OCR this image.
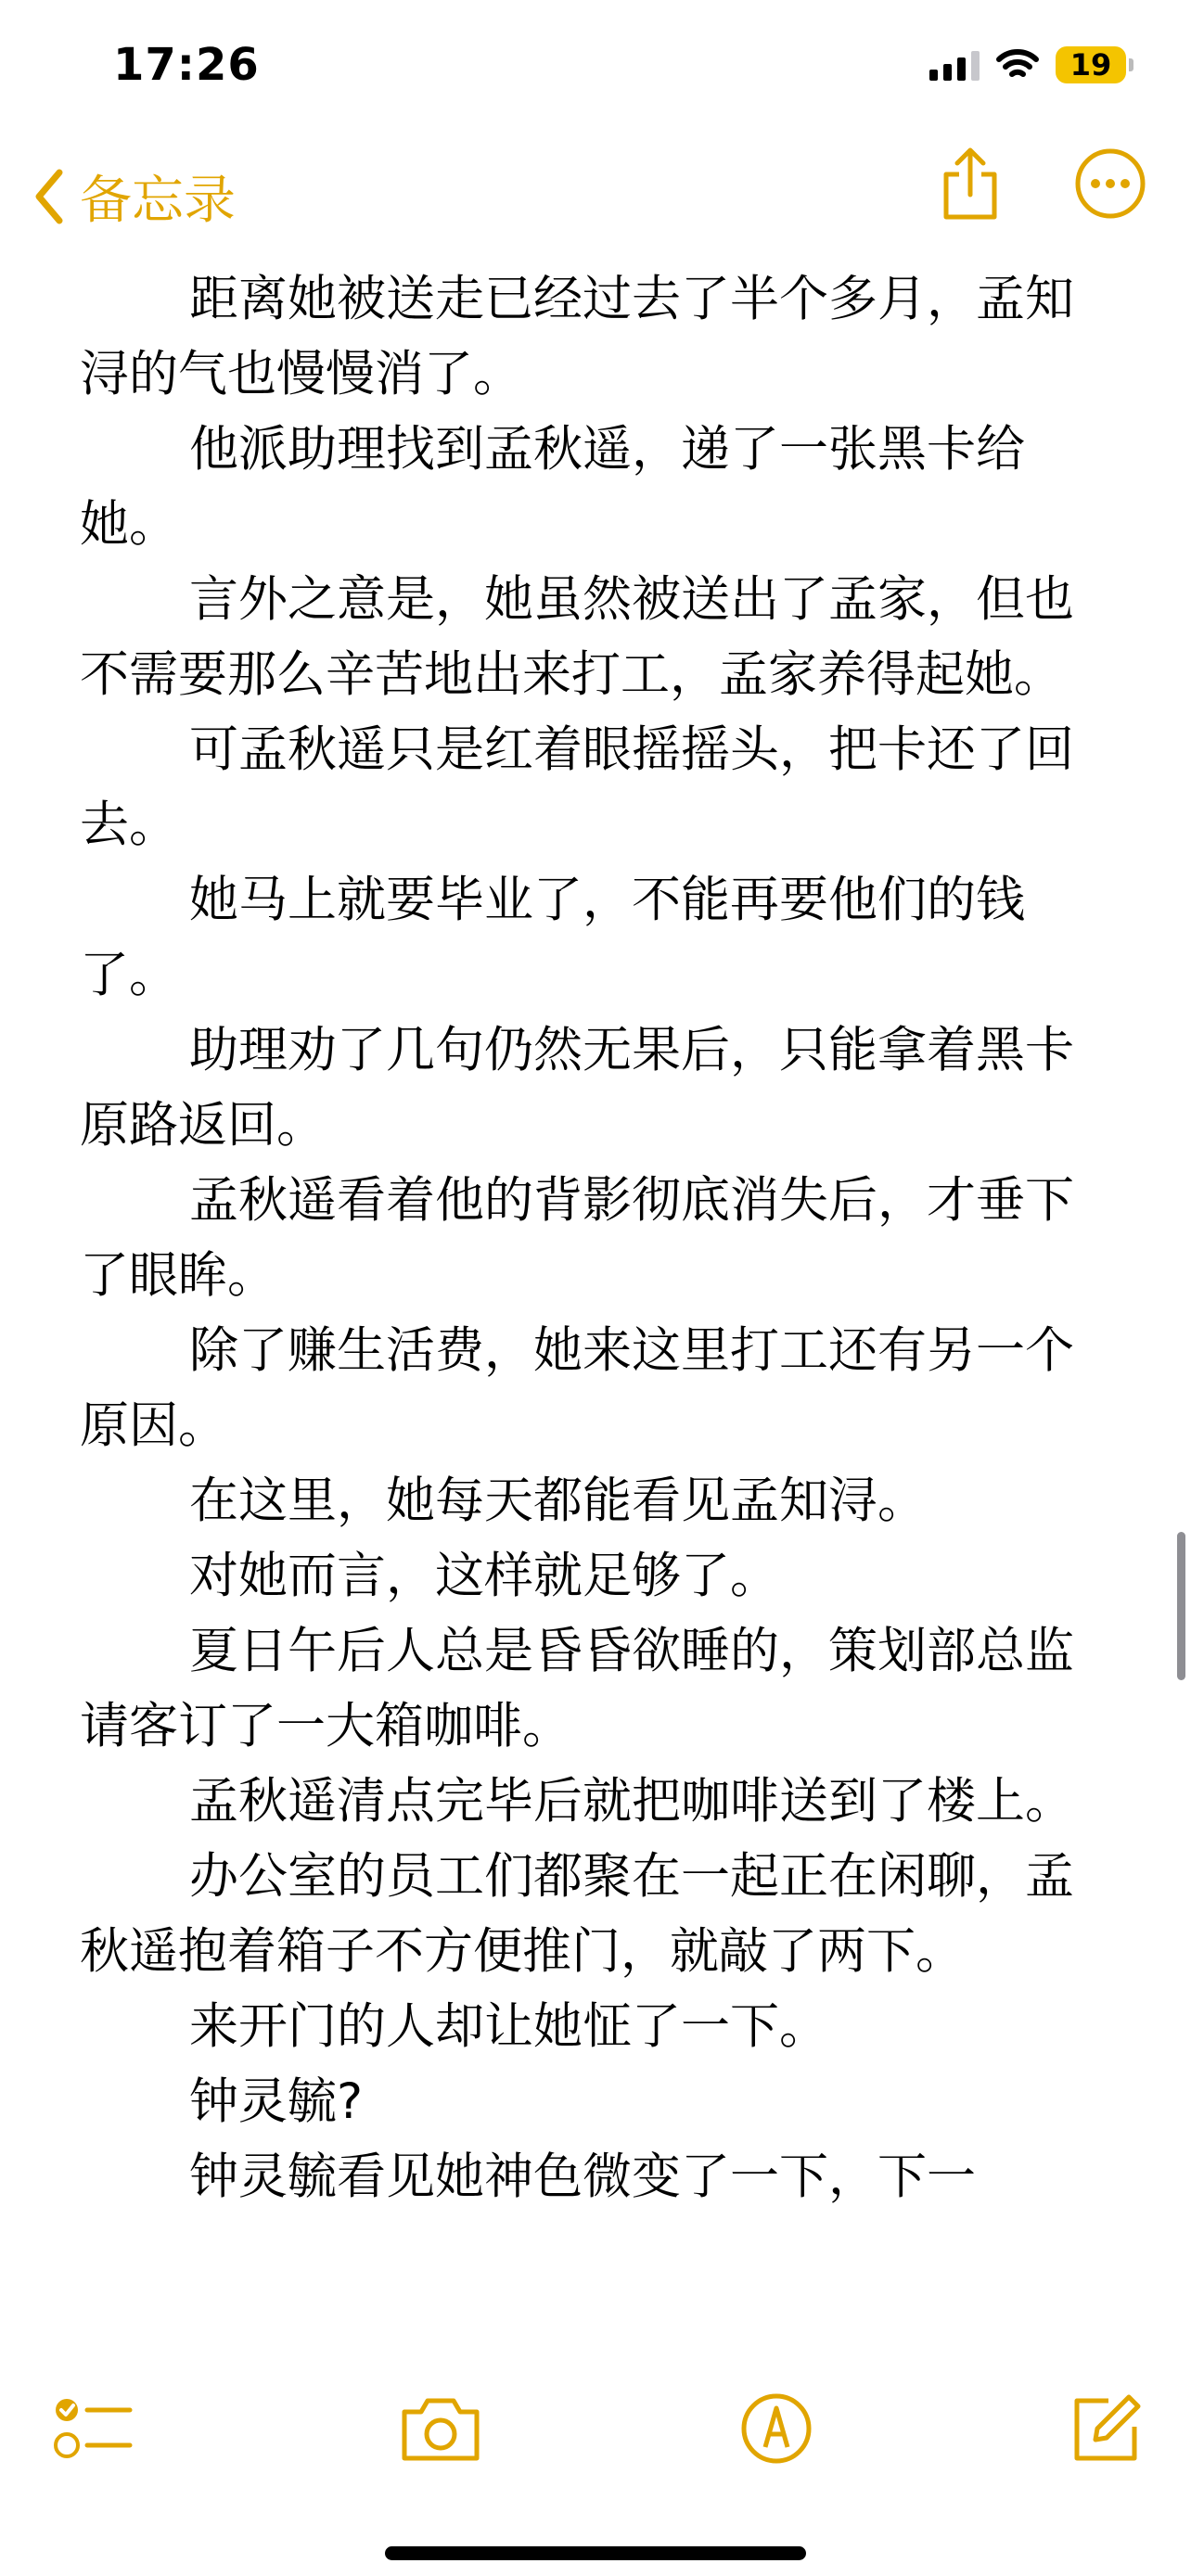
17:26	19
备忘录

距离她被送走已经过去了半个多月，孟知浔的气也慢慢消了。

他派助理找到孟秋遥，递了一张黑卡给她。

言外之意是，她虽然被送出了孟家，但也不需要那么辛苦地出来打工，孟家养得起她。

可孟秋遥只是红着眼摇摇头，把卡还了回去。

她马上就要毕业了，不能再要他们的钱了。

助理劝了几句仍然无果后，只能拿着黑卡原路返回。

孟秋遥看着他的背影彻底消失后，才垂下了眼眸。

除了赚生活费，她来这里打工还有另一个原因。

在这里，她每天都能看见孟知浔。

对她而言，这样就足够了。

夏日午后人总是昏昏欲睡的，策划部总监请客订了一大箱咖啡。

孟秋遥清点完毕后就把咖啡送到了楼上。

办公室的员工们都聚在一起正在闲聊，孟秋遥抱着箱子不方便推门，就敲了两下。

来开门的人却让她怔了一下。

钟灵毓?

钟灵毓看见她神色微变了一下，下一
